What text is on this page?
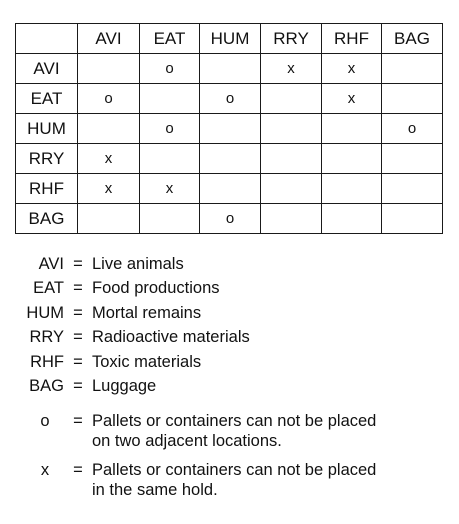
	AVI	EAT	HUM	RRY	RHF	BAG
AVI		o		x	x	
EAT	o		o		x	
HUM		o				o
RRY	x					
RHF	x	x				
BAG			o			
AVI = Live animals
EAT = Food productions
HUM = Mortal remains
RRY = Radioactive materials
RHF = Toxic materials
BAG = Luggage
o	= Pallets or containers can not be placed
on two adjacent locations.
x	= Pallets or containers can not be placed
in the same hold.
